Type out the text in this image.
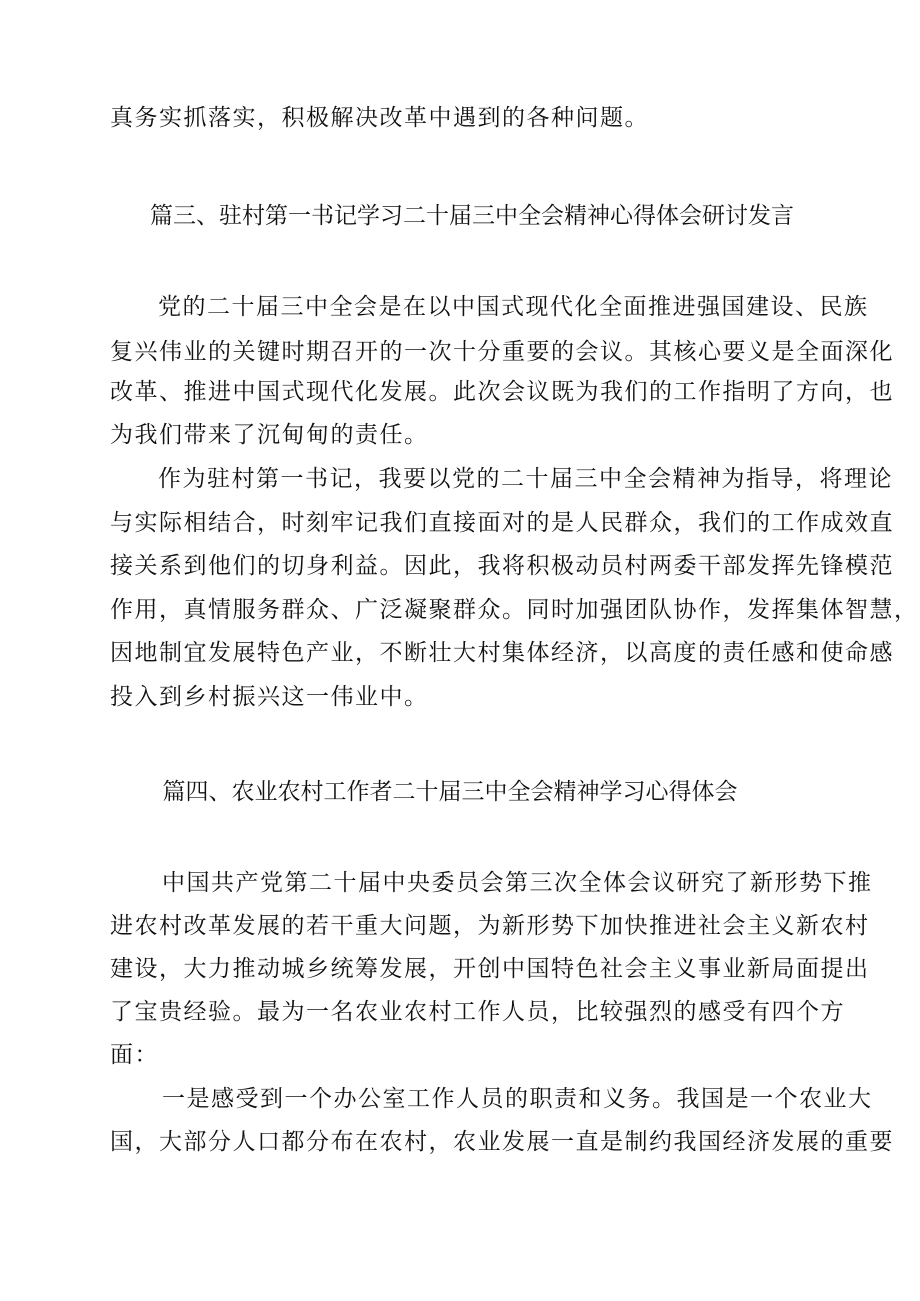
真务实抓落实，积极解决改革中遇到的各种问题。
篇三、驻村第一书记学习二十届三中全会精神心得体会研讨发言
党的二十届三中全会是在以中国式现代化全面推进强国建设、民族
复兴伟业的关键时期召开的一次十分重要的会议。其核心要义是全面深化
改革、推进中国式现代化发展。此次会议既为我们的工作指明了方向，也
为我们带来了沉甸甸的责任。
作为驻村第一书记，我要以党的二十届三中全会精神为指导，将理论
与实际相结合，时刻牢记我们直接面对的是人民群众，我们的工作成效直
接关系到他们的切身利益。因此，我将积极动员村两委干部发挥先锋模范
作用，真情服务群众、广泛凝聚群众。同时加强团队协作，发挥集体智慧，
因地制宜发展特色产业，不断壮大村集体经济，以高度的责任感和使命感
投入到乡村振兴这一伟业中。
篇四、农业农村工作者二十届三中全会精神学习心得体会
中国共产党第二十届中央委员会第三次全体会议研究了新形势下推
进农村改革发展的若干重大问题，为新形势下加快推进社会主义新农村
建设，大力推动城乡统筹发展，开创中国特色社会主义事业新局面提出
了宝贵经验。最为一名农业农村工作人员，比较强烈的感受有四个方
面：
一是感受到一个办公室工作人员的职责和义务。我国是一个农业大
国，大部分人口都分布在农村，农业发展一直是制约我国经济发展的重要
